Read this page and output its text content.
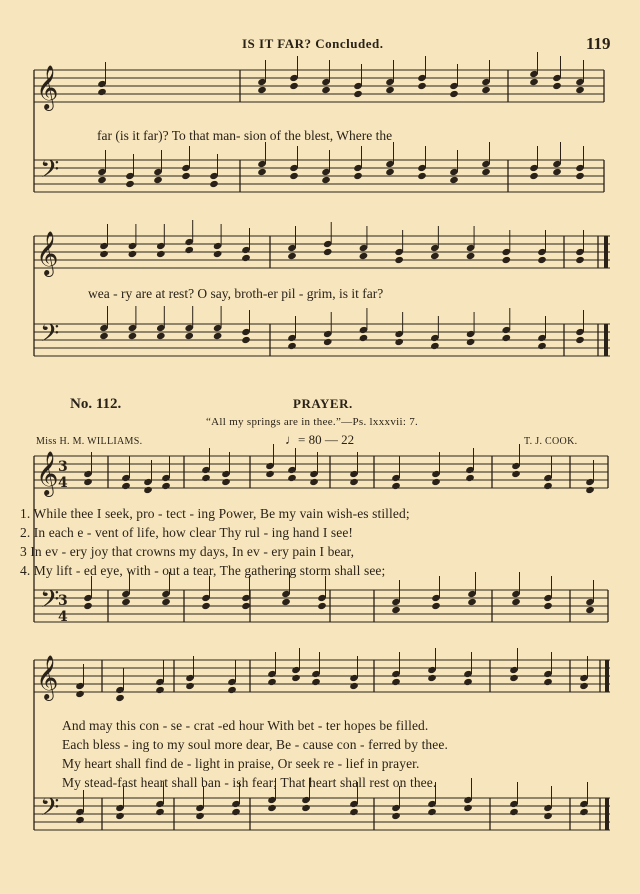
𝄞
𝄢
𝄞
𝄢
𝄞
𝄢
3
4
3
4
𝄞
𝄢
IS IT FAR? Concluded.	119
far (is it far)? To that man- sion of the blest, Where the
wea - ry are at rest? O say, broth-er pil - grim, is it far?
No. 112.	PRAYER.
“All my springs are in thee.”—Ps. lxxxvii: 7.
Miss H. M. WILLIAMS.	T. J. COOK.
♩= 80 — 22
1. While thee I seek, pro - tect - ing Power, Be my vain wish-es stilled;
2. In each e - vent of life, how clear Thy rul - ing hand I see!
3 In ev - ery joy that crowns my days, In ev - ery pain I bear,
4. My lift - ed eye, with - out a tear, The gathering storm shall see;
And may this con - se - crat -ed hour With bet - ter hopes be filled.
Each bless - ing to my soul more dear, Be - cause con - ferred by thee.
My heart shall find de - light in praise, Or seek re - lief in prayer.
My stead-fast heart shall ban - ish fear; That heart shall rest on thee.
